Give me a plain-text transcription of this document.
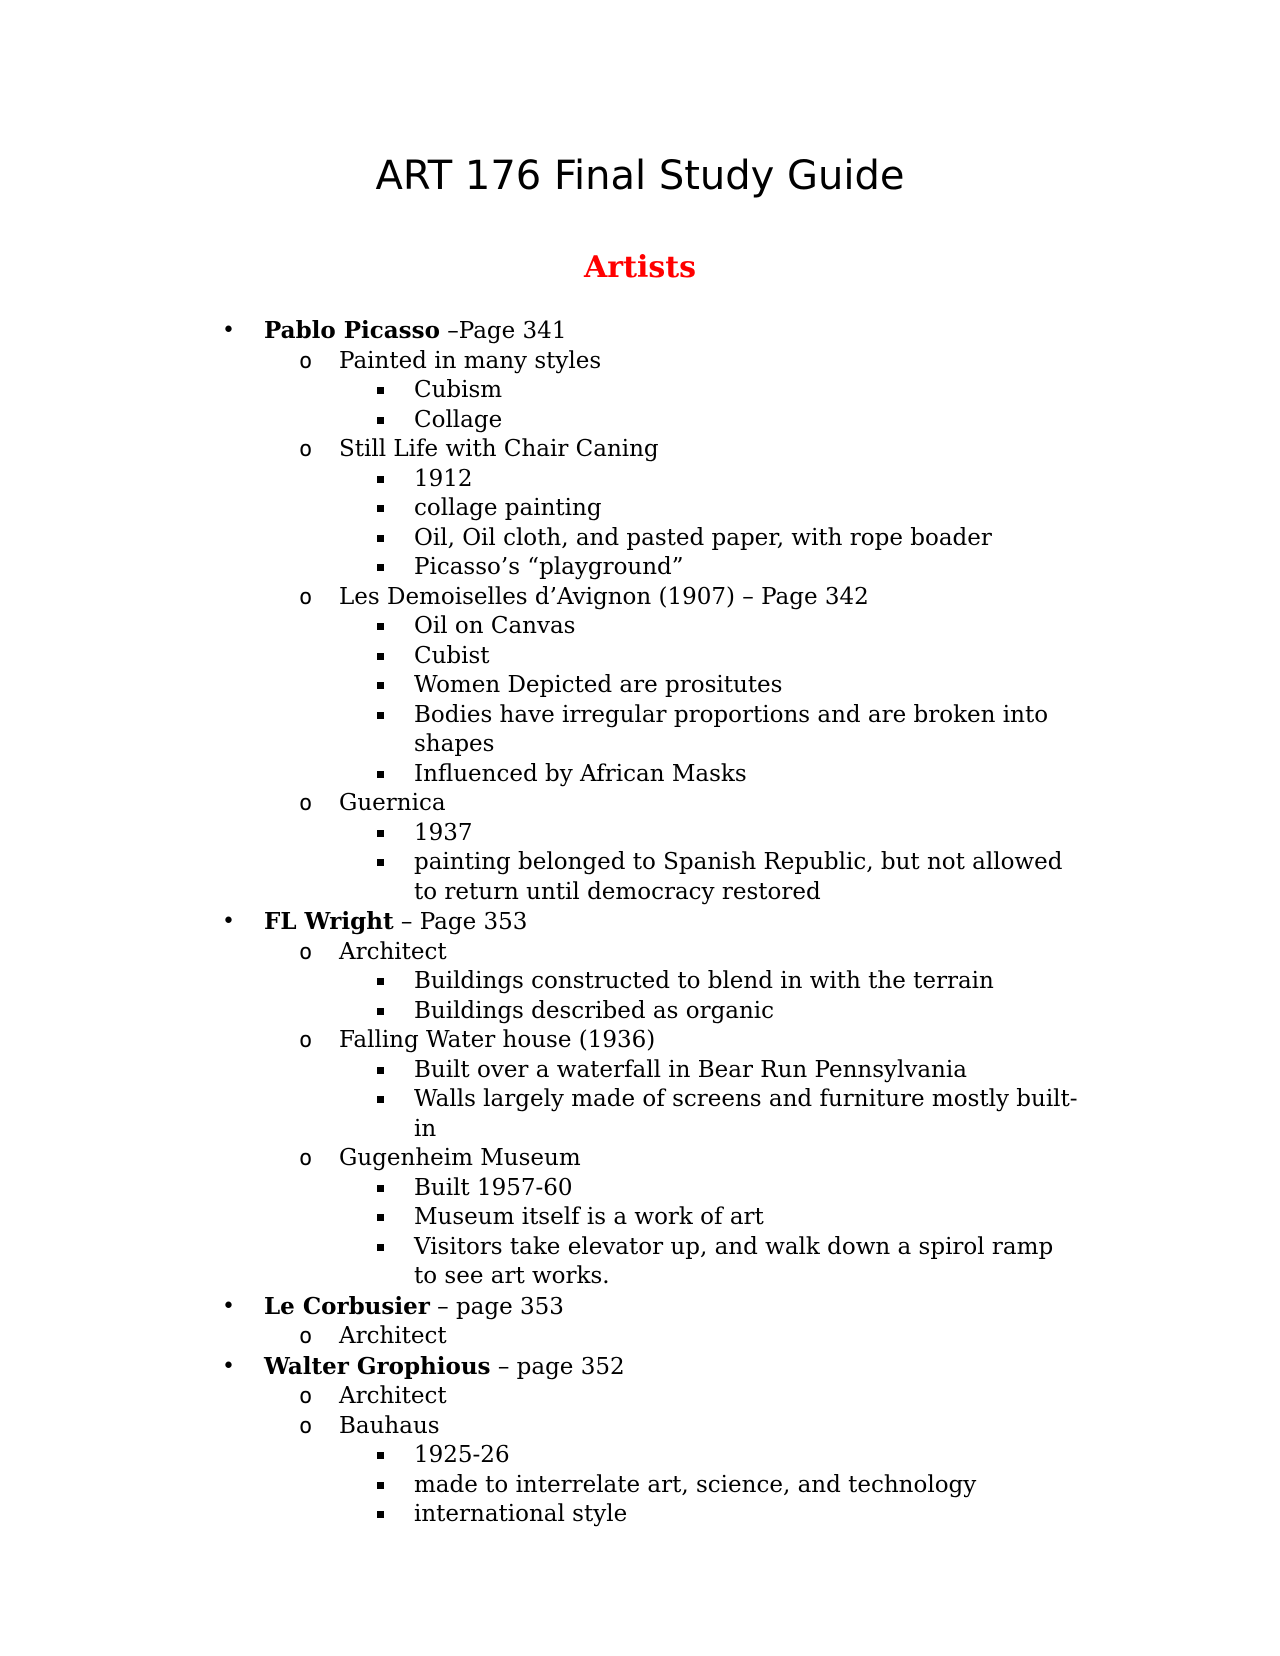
ART 176 Final Study Guide
Artists
• Pablo Picasso –Page 341
o Painted in many styles
Cubism
Collage
o Still Life with Chair Caning
1912
collage painting
Oil, Oil cloth, and pasted paper, with rope boader
Picasso’s “playground”
o Les Demoiselles d’Avignon (1907) – Page 342
Oil on Canvas
Cubist
Women Depicted are prositutes
Bodies have irregular proportions and are broken into shapes
Influenced by African Masks
o Guernica
1937
painting belonged to Spanish Republic, but not allowed to return until democracy restored
• FL Wright – Page 353
o Architect
Buildings constructed to blend in with the terrain
Buildings described as organic
o Falling Water house (1936)
Built over a waterfall in Bear Run Pennsylvania
Walls largely made of screens and furniture mostly built-in
o Gugenheim Museum
Built 1957-60
Museum itself is a work of art
Visitors take elevator up, and walk down a spirol ramp to see art works.
• Le Corbusier – page 353
o Architect
• Walter Grophious – page 352
o Architect
o Bauhaus
1925-26
made to interrelate art, science, and technology
international style
